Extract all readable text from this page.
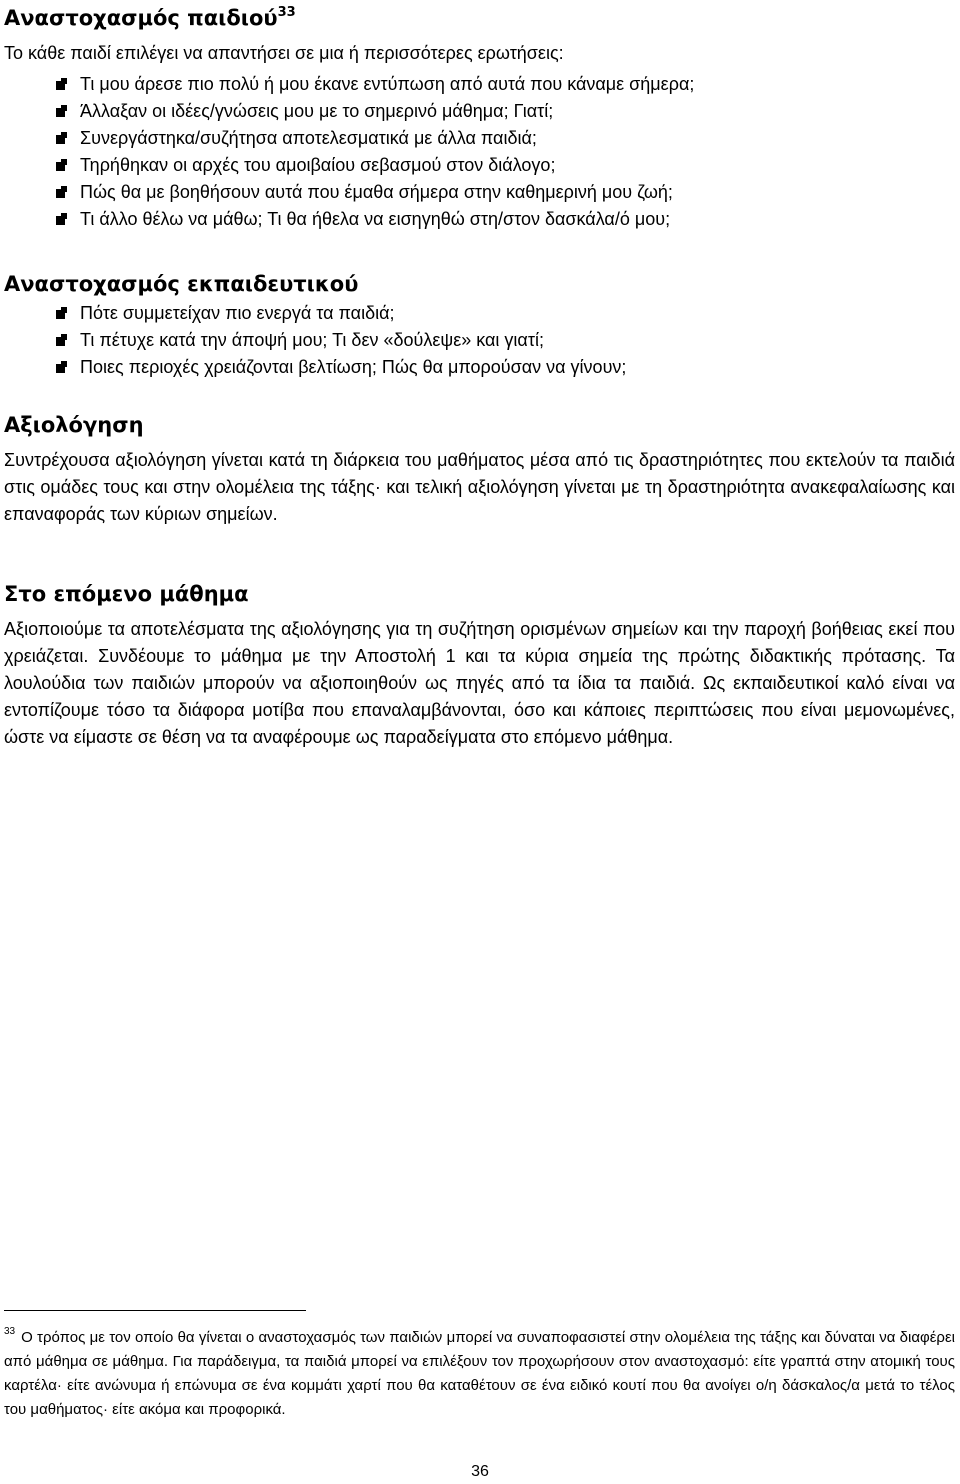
Αναστοχασμός παιδιού$^{33}$

Το κάθε παιδί επιλέγει να απαντήσει σε μια ή περισσότερες ερωτήσεις:

Τι μου άρεσε πιο πολύ ή μου έκανε εντύπωση από αυτά που κάναμε σήμερα;
Άλλαξαν οι ιδέες/γνώσεις μου με το σημερινό μάθημα; Γιατί;
Συνεργάστηκα/συζήτησα αποτελεσματικά με άλλα παιδιά;
Τηρήθηκαν οι αρχές του αμοιβαίου σεβασμού στον διάλογο;
Πώς θα με βοηθήσουν αυτά που έμαθα σήμερα στην καθημερινή μου ζωή;
Τι άλλο θέλω να μάθω; Τι θα ήθελα να εισηγηθώ στη/στον δασκάλα/ό μου;
Αναστοχασμός εκπαιδευτικού
Πότε συμμετείχαν πιο ενεργά τα παιδιά;
Τι πέτυχε κατά την άποψή μου; Τι δεν «δούλεψε» και γιατί;
Ποιες περιοχές χρειάζονται βελτίωση; Πώς θα μπορούσαν να γίνουν;
Αξιολόγηση

Συντρέχουσα αξιολόγηση γίνεται κατά τη διάρκεια του μαθήματος μέσα από τις δραστηριότητες που εκτελούν τα παιδιά στις ομάδες τους και στην ολομέλεια της τάξης· και τελική αξιολόγηση γίνεται με τη δραστηριότητα ανακεφαλαίωσης και επαναφοράς των κύριων σημείων.

Στο επόμενο μάθημα

Αξιοποιούμε τα αποτελέσματα της αξιολόγησης για τη συζήτηση ορισμένων σημείων και την παροχή βοήθειας εκεί που χρειάζεται. Συνδέουμε το μάθημα με την Αποστολή 1 και τα κύρια σημεία της πρώτης διδακτικής πρότασης. Τα λουλούδια των παιδιών μπορούν να αξιοποιηθούν ως πηγές από τα ίδια τα παιδιά. Ως εκπαιδευτικοί καλό είναι να εντοπίζουμε τόσο τα διάφορα μοτίβα που επαναλαμβάνονται, όσο και κάποιες περιπτώσεις που είναι μεμονωμένες, ώστε να είμαστε σε θέση να τα αναφέρουμε ως παραδείγματα στο επόμενο μάθημα.

$^{33}$ Ο τρόπος με τον οποίο θα γίνεται ο αναστοχασμός των παιδιών μπορεί να συναποφασιστεί στην ολομέλεια της τάξης και δύναται να διαφέρει από μάθημα σε μάθημα. Για παράδειγμα, τα παιδιά μπορεί να επιλέξουν τον προχωρήσουν στον αναστοχασμό: είτε γραπτά στην ατομική τους καρτέλα· είτε ανώνυμα ή επώνυμα σε ένα κομμάτι χαρτί που θα καταθέτουν σε ένα ειδικό κουτί που θα ανοίγει ο/η δάσκαλος/α μετά το τέλος του μαθήματος· είτε ακόμα και προφορικά.

36
